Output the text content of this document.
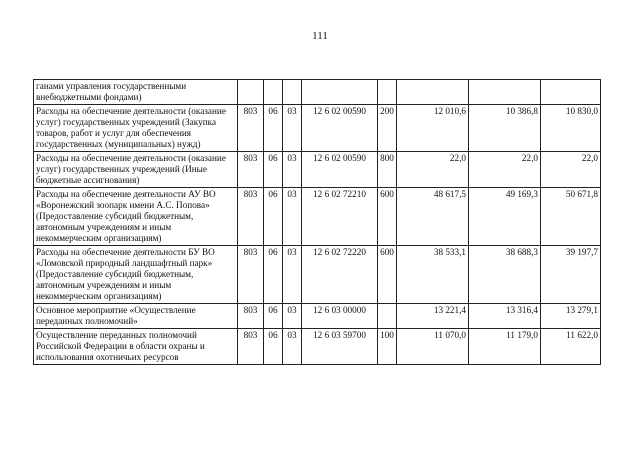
111
ганами управления государственными внебюджетными фондами)								
Расходы на обеспечение деятельности (оказание услуг) государственных учреждений (Закупка товаров, работ и услуг для обеспечения государственных (муниципальных) нужд)	803	06	03	12 6 02 00590	200	12 010,6	10 386,8	10 830,0
Расходы на обеспечение деятельности (оказание услуг) государственных учреждений (Иные бюджетные ассигнования)	803	06	03	12 6 02 00590	800	22,0	22,0	22,0
Расходы на обеспечение деятельности АУ ВО «Воронежский зоопарк имени А.С. Попова» (Предоставление субсидий бюджетным, автономным учреждениям и иным некоммерческим организациям)	803	06	03	12 6 02 72210	600	48 617,5	49 169,3	50 671,8
Расходы на обеспечение деятельности БУ ВО «Ломовской природный ландшафтный парк» (Предоставление субсидий бюджетным, автономным учреждениям и иным некоммерческим организациям)	803	06	03	12 6 02 72220	600	38 533,1	38 688,3	39 197,7
Основное мероприятие «Осуществление переданных полномочий»	803	06	03	12 6 03 00000		13 221,4	13 316,4	13 279,1
Осуществление переданных полномочий Российской Федерации в области охраны и использования охотничьих ресурсов	803	06	03	12 6 03 59700	100	11 070,0	11 179,0	11 622,0
